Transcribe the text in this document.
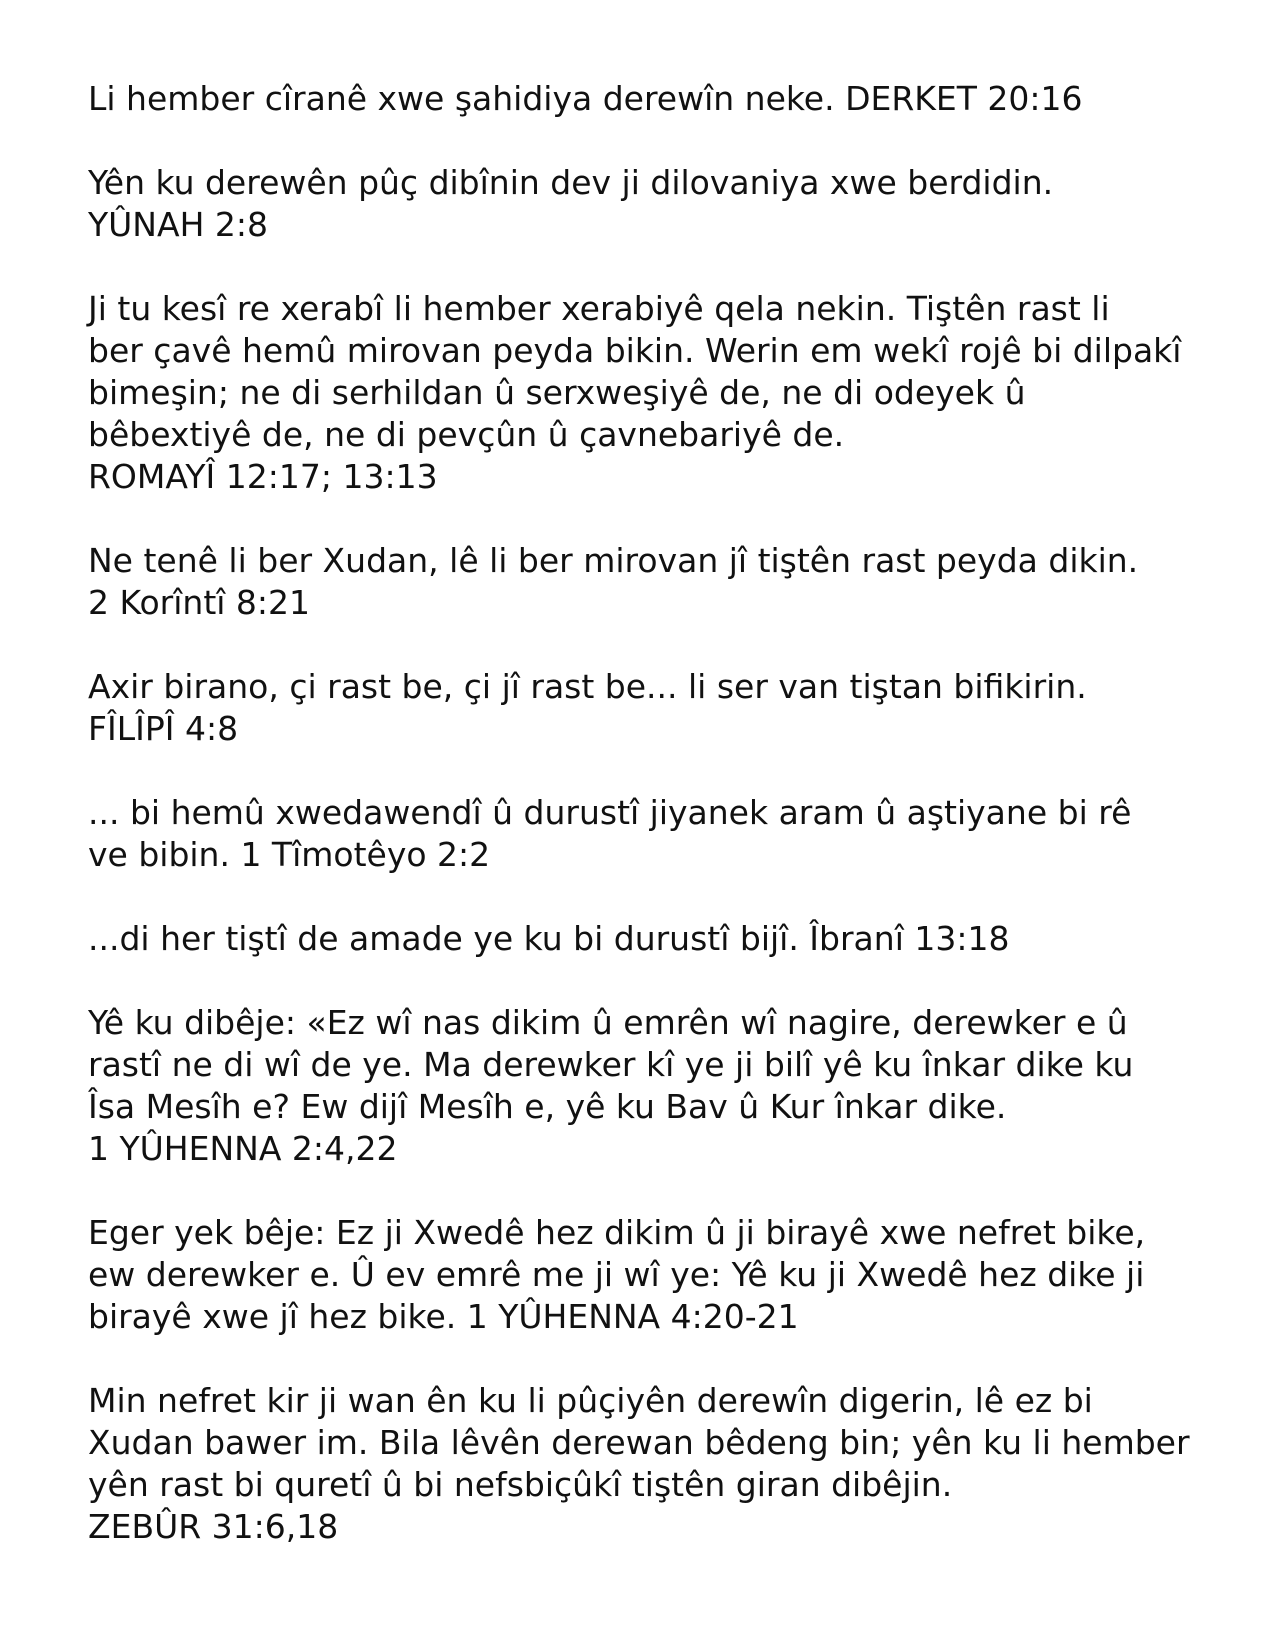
Li hember cîranê xwe şahidiya derewîn neke. DERKET 20:16

Yên ku derewên pûç dibînin dev ji dilovaniya xwe berdidin.
YÛNAH 2:8

Ji tu kesî re xerabî li hember xerabiyê qela nekin. Tiştên rast li
ber çavê hemû mirovan peyda bikin. Werin em wekî rojê bi dilpakî
bimeşin; ne di serhildan û serxweşiyê de, ne di odeyek û
bêbextiyê de, ne di pevçûn û çavnebariyê de.
ROMAYÎ 12:17; 13:13

Ne tenê li ber Xudan, lê li ber mirovan jî tiştên rast peyda dikin.
2 Korîntî 8:21

Axir birano, çi rast be, çi jî rast be... li ser van tiştan bifikirin.
FÎLÎPÎ 4:8

... bi hemû xwedawendî û durustî jiyanek aram û aştiyane bi rê
ve bibin. 1 Tîmotêyo 2:2

...di her tiştî de amade ye ku bi durustî bijî. Îbranî 13:18

Yê ku dibêje: «Ez wî nas dikim û emrên wî nagire, derewker e û
rastî ne di wî de ye. Ma derewker kî ye ji bilî yê ku înkar dike ku
Îsa Mesîh e? Ew dijî Mesîh e, yê ku Bav û Kur înkar dike.
1 YÛHENNA 2:4,22

Eger yek bêje: Ez ji Xwedê hez dikim û ji birayê xwe nefret bike,
ew derewker e. Û ev emrê me ji wî ye: Yê ku ji Xwedê hez dike ji
birayê xwe jî hez bike. 1 YÛHENNA 4:20-21

Min nefret kir ji wan ên ku li pûçiyên derewîn digerin, lê ez bi
Xudan bawer im. Bila lêvên derewan bêdeng bin; yên ku li hember
yên rast bi quretî û bi nefsbiçûkî tiştên giran dibêjin.
ZEBÛR 31:6,18
